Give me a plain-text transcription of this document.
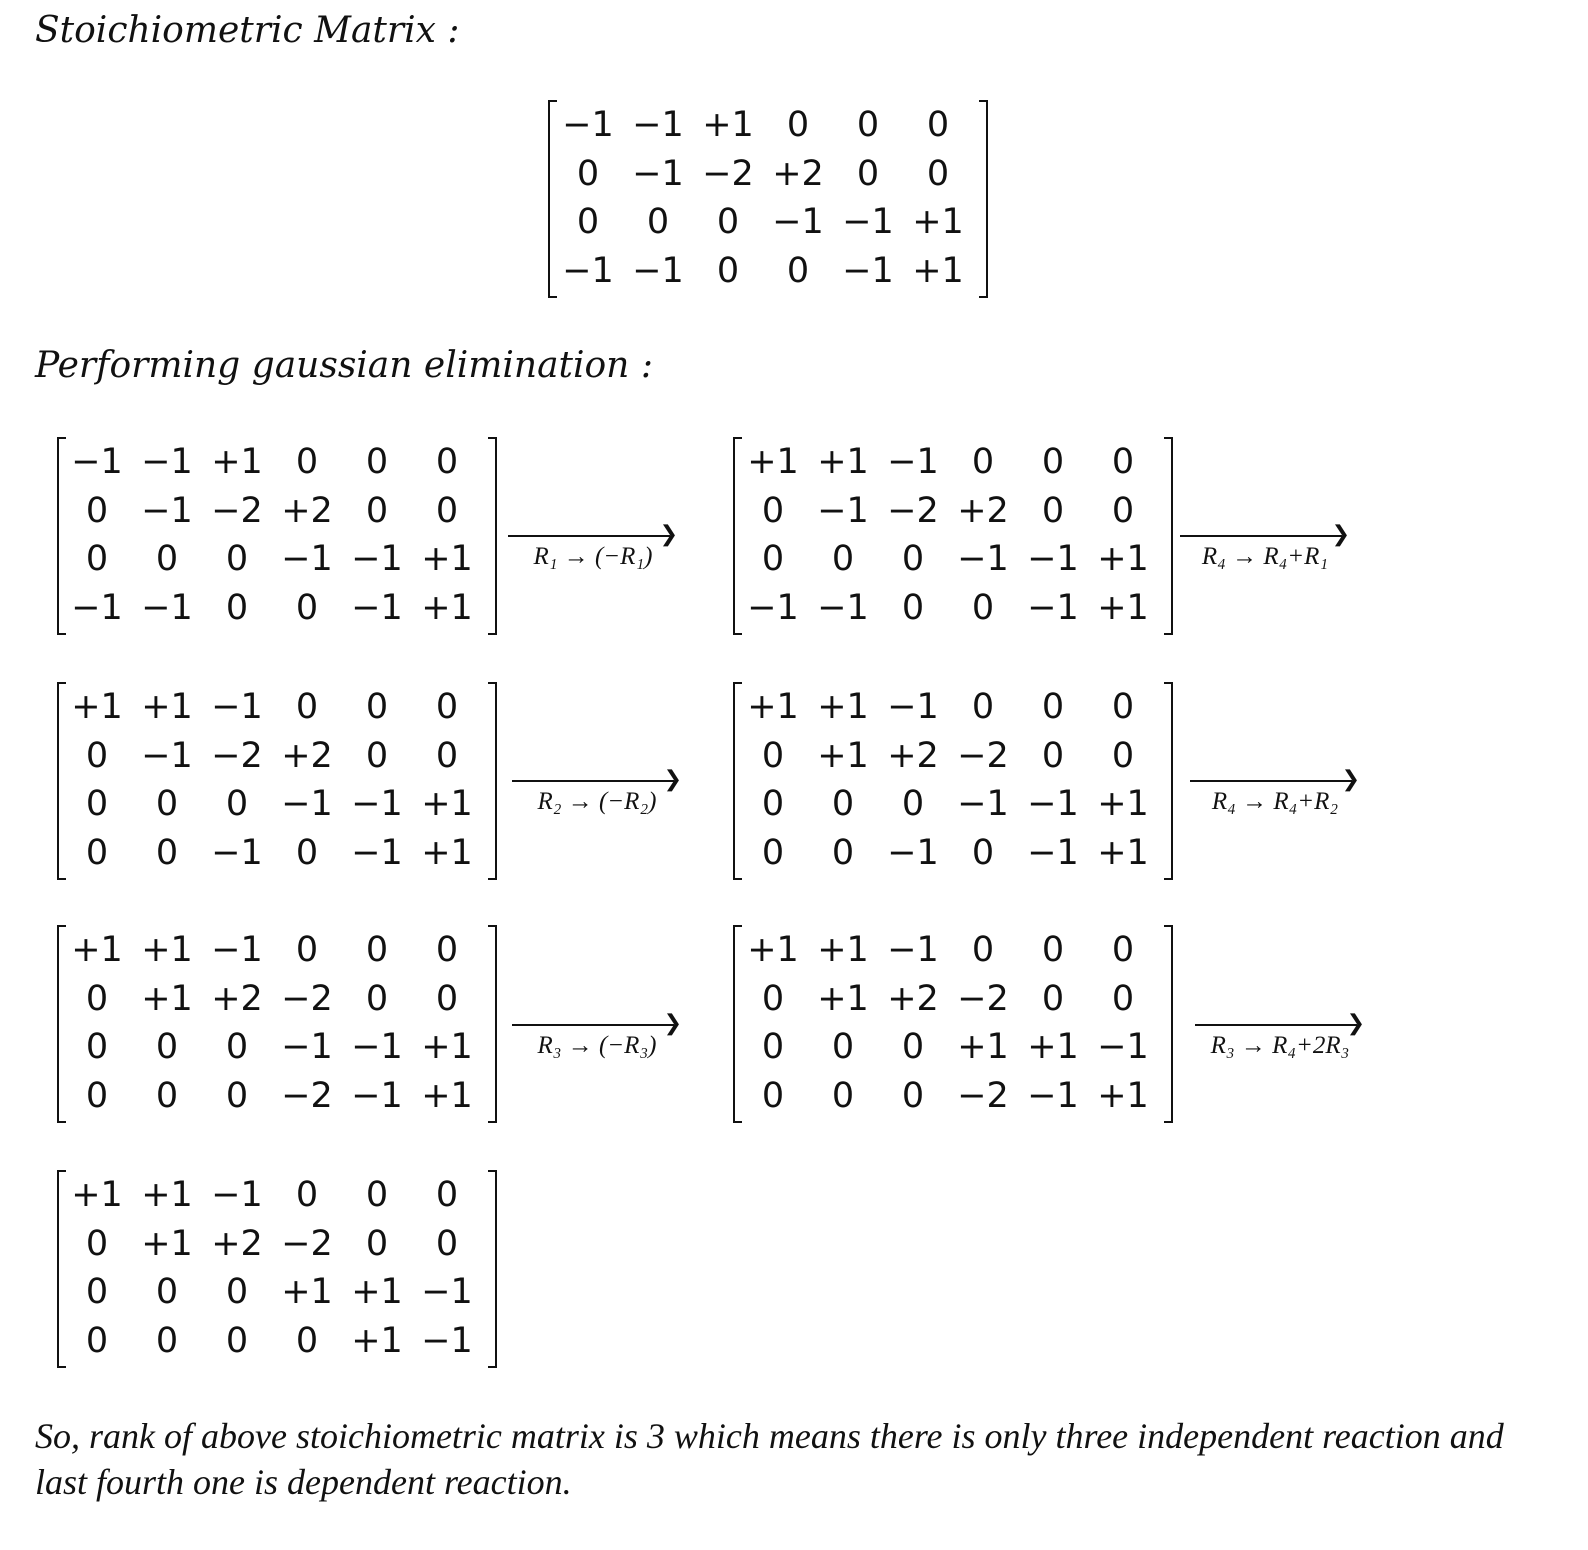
Stoichiometric Matrix :
−1 −1 +1 0	0	0
0 −1 −2 +2 0	0
0	0	0 −1 −1 +1
−1 −1 0	0 −1 +1
Performing gaussian elimination :
−1 −1 +1 0	0	0
0 −1 −2 +2 0	0
0	0	0 −1 −1 +1
−1 −1 0	0 −1 +1
❯
R₁ → (−R₁)
+1 +1 −1 0	0	0
0 −1 −2 +2 0	0
0	0	0 −1 −1 +1
−1 −1 0	0 −1 +1
❯
R₄ → R₄+R₁
+1 +1 −1 0	0	0
0 −1 −2 +2 0	0
0	0	0 −1 −1 +1
0	0 −1 0 −1 +1
❯
R₂ → (−R₂)
+1 +1 −1 0	0	0
0 +1 +2 −2 0	0
0	0	0 −1 −1 +1
0	0 −1 0 −1 +1
❯
R₄ → R₄+R₂
+1 +1 −1 0	0	0
0 +1 +2 −2 0	0
0	0	0 −1 −1 +1
0	0	0 −2 −1 +1
❯
R₃ → (−R₃)
+1 +1 −1 0	0	0
0 +1 +2 −2 0	0
0	0	0 +1 +1 −1
0	0	0 −2 −1 +1
❯
R₃ → R₄+2R₃
+1 +1 −1 0	0	0
0 +1 +2 −2 0	0
0	0	0 +1 +1 −1
0	0	0	0 +1 −1
So, rank of above stoichiometric matrix is 3 which means there is only three independent reaction and last fourth one is dependent reaction.
